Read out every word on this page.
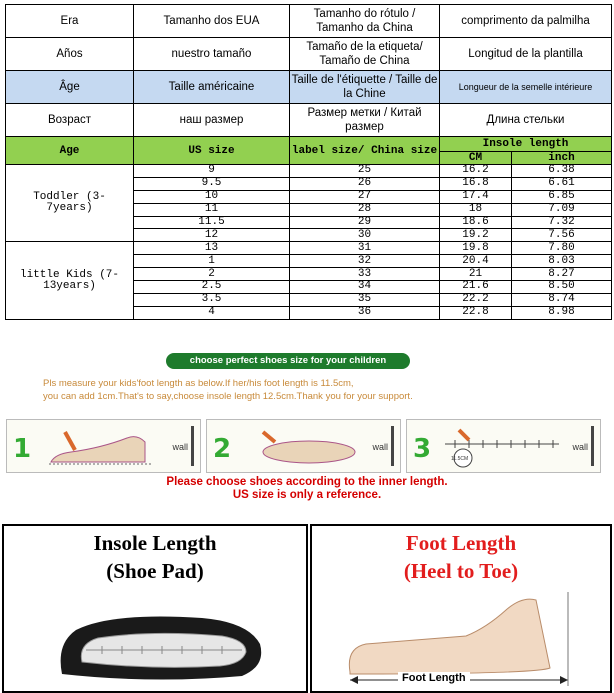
Era	Tamanho dos EUA	Tamanho do rótulo / Tamanho da China	comprimento da palmilha	
Años	nuestro tamaño	Tamaño de la etiqueta/ Tamaño de China	Longitud de la plantilla	
Âge	Taille américaine	Taille de l'étiquette / Taille de la Chine	Longueur de la semelle intérieure	
Возраст	наш размер	Размер метки / Китай размер	Длина стельки	
Age	US size	label size/ China size	Insole length	
			CM	inch
Toddler (3-7years)	9	25	16.2	6.38
	9.5	26	16.8	6.61
	10	27	17.4	6.85
	11	28	18	7.09
	11.5	29	18.6	7.32
	12	30	19.2	7.56
little Kids (7-13years)	13	31	19.8	7.80
	1	32	20.4	8.03
	2	33	21	8.27
	2.5	34	21.6	8.50
	3.5	35	22.2	8.74
	4	36	22.8	8.98
choose perfect shoes size for your children
Pls measure your kids'foot length as below.If her/his foot length is 11.5cm,
you can add 1cm.That's to say,choose insole length 12.5cm.Thank you for your support.
1	wall 2	wall 3	11.5CM
wall
Please choose shoes according to the inner length.
US size is only a reference.
Insole Length
(Shoe Pad)
Foot Length
(Heel to Toe)
Foot Length
